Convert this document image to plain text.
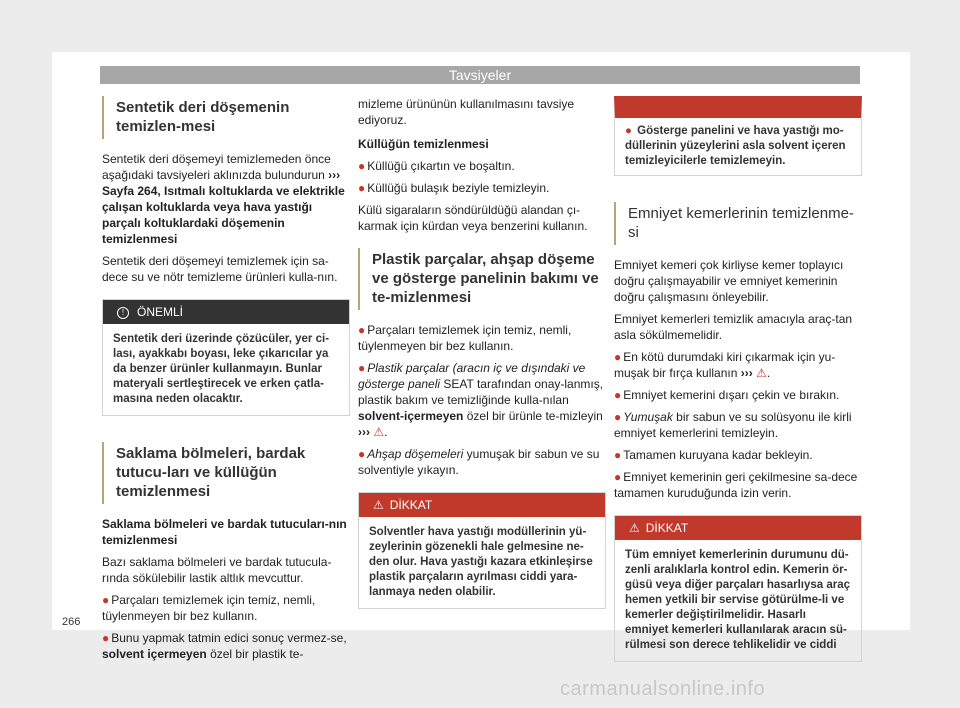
Tavsiyeler
Sentetik deri döşemenin temizlen-mesi

Sentetik deri döşemeyi temizlemeden önce aşağıdaki tavsiyeleri aklınızda bulundurun ››› Sayfa 264, Isıtmalı koltuklarda ve elektrikle çalışan koltuklarda veya hava yastığı parçalı koltuklardaki döşemenin temizlenmesi

Sentetik deri döşemeyi temizlemek için sa-dece su ve nötr temizleme ürünleri kulla-nın.

! ÖNEMLİ
Sentetik deri üzerinde çözücüler, yer ci-lası, ayakkabı boyası, leke çıkarıcılar ya da benzer ürünler kullanmayın. Bunlar materyali sertleştirecek ve erken çatla-masına neden olacaktır.
Saklama bölmeleri, bardak tutucu-ları ve küllüğün temizlenmesi

Saklama bölmeleri ve bardak tutucuları-nın temizlenmesi

Bazı saklama bölmeleri ve bardak tutucula-rında sökülebilir lastik altlık mevcuttur.

● Parçaları temizlemek için temiz, nemli, tüylenmeyen bir bez kullanın.

● Bunu yapmak tatmin edici sonuç vermez-se, solvent içermeyen özel bir plastik te-

mizleme ürününün kullanılmasını tavsiye ediyoruz.

Küllüğün temizlenmesi

● Küllüğü çıkartın ve boşaltın.

● Küllüğü bulaşık beziyle temizleyin.

Külü sigaraların söndürüldüğü alandan çı-karmak için kürdan veya benzerini kullanın.

Plastik parçalar, ahşap döşeme ve gösterge panelinin bakımı ve te-mizlenmesi

● Parçaları temizlemek için temiz, nemli, tüylenmeyen bir bez kullanın.

● Plastik parçalar (aracın iç ve dışındaki ve gösterge paneli SEAT tarafından onay-lanmış, plastik bakım ve temizliğinde kulla-nılan solvent-içermeyen özel bir ürünle te-mizleyin ››› ⚠.

● Ahşap döşemeleri yumuşak bir sabun ve su solventiyle yıkayın.

⚠ DİKKAT
Solventler hava yastığı modüllerinin yü-zeylerinin gözenekli hale gelmesine ne-den olur. Hava yastığı kazara etkinleşirse plastik parçaların ayrılması ciddi yara-lanmaya neden olabilir.
● Gösterge panelini ve hava yastığı mo-düllerinin yüzeylerini asla solvent içeren temizleyicilerle temizlemeyin.
Emniyet kemerlerinin temizlenme-si

Emniyet kemeri çok kirliyse kemer toplayıcı doğru çalışmayabilir ve emniyet kemerinin doğru çalışmasını önleyebilir.

Emniyet kemerleri temizlik amacıyla araç-tan asla sökülmemelidir.

● En kötü durumdaki kiri çıkarmak için yu-muşak bir fırça kullanın ››› ⚠.

● Emniyet kemerini dışarı çekin ve bırakın.

● Yumuşak bir sabun ve su solüsyonu ile kirli emniyet kemerlerini temizleyin.

● Tamamen kuruyana kadar bekleyin.

● Emniyet kemerinin geri çekilmesine sa-dece tamamen kuruduğunda izin verin.

⚠ DİKKAT
Tüm emniyet kemerlerinin durumunu dü-zenli aralıklarla kontrol edin. Kemerin ör-güsü veya diğer parçaları hasarlıysa araç hemen yetkili bir servise götürülme-li ve kemerler değiştirilmelidir. Hasarlı emniyet kemerleri kullanılarak aracın sü-rülmesi son derece tehlikelidir ve ciddi
266
carmanualsonline.info
